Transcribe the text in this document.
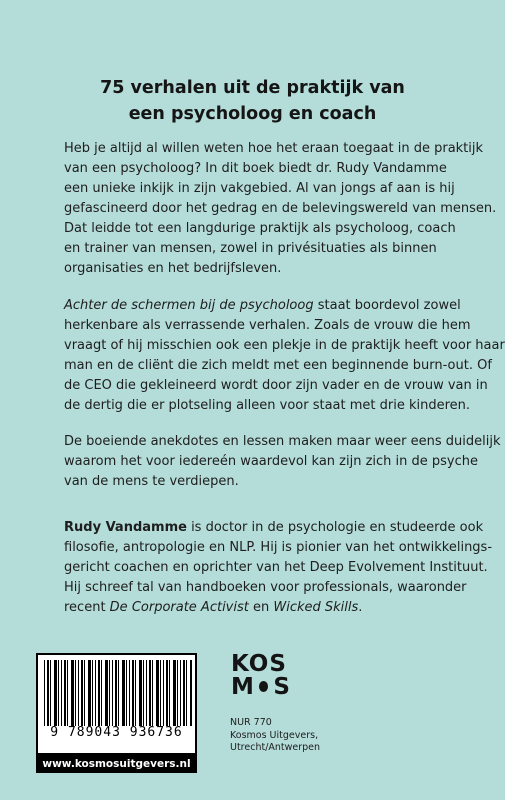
75 verhalen uit de praktijk van
een psycholoog en coach
Heb je altijd al willen weten hoe het eraan toegaat in de praktijk
van een psycholoog? In dit boek biedt dr. Rudy Vandamme
een unieke inkijk in zijn vakgebied. Al van jongs af aan is hij
gefascineerd door het gedrag en de belevingswereld van mensen.
Dat leidde tot een langdurige praktijk als psycholoog, coach
en trainer van mensen, zowel in privésituaties als binnen
organisaties en het bedrijfsleven.
Achter de schermen bij de psycholoog staat boordevol zowel
herkenbare als verrassende verhalen. Zoals de vrouw die hem
vraagt of hij misschien ook een plekje in de praktijk heeft voor haar
man en de cliënt die zich meldt met een beginnende burn-out. Of
de CEO die gekleineerd wordt door zijn vader en de vrouw van in
de dertig die er plotseling alleen voor staat met drie kinderen.
De boeiende anekdotes en lessen maken maar weer eens duidelijk
waarom het voor iedereén waardevol kan zijn zich in de psyche
van de mens te verdiepen.
Rudy Vandamme is doctor in de psychologie en studeerde ook
filosofie, antropologie en NLP. Hij is pionier van het ontwikkelings-
gericht coachen en oprichter van het Deep Evolvement Instituut.
Hij schreef tal van handboeken voor professionals, waaronder
recent De Corporate Activist en Wicked Skills.
9 789043 936736
www.kosmosuitgevers.nl
KOS
M S
NUR 770
Kosmos Uitgevers,
Utrecht/Antwerpen
